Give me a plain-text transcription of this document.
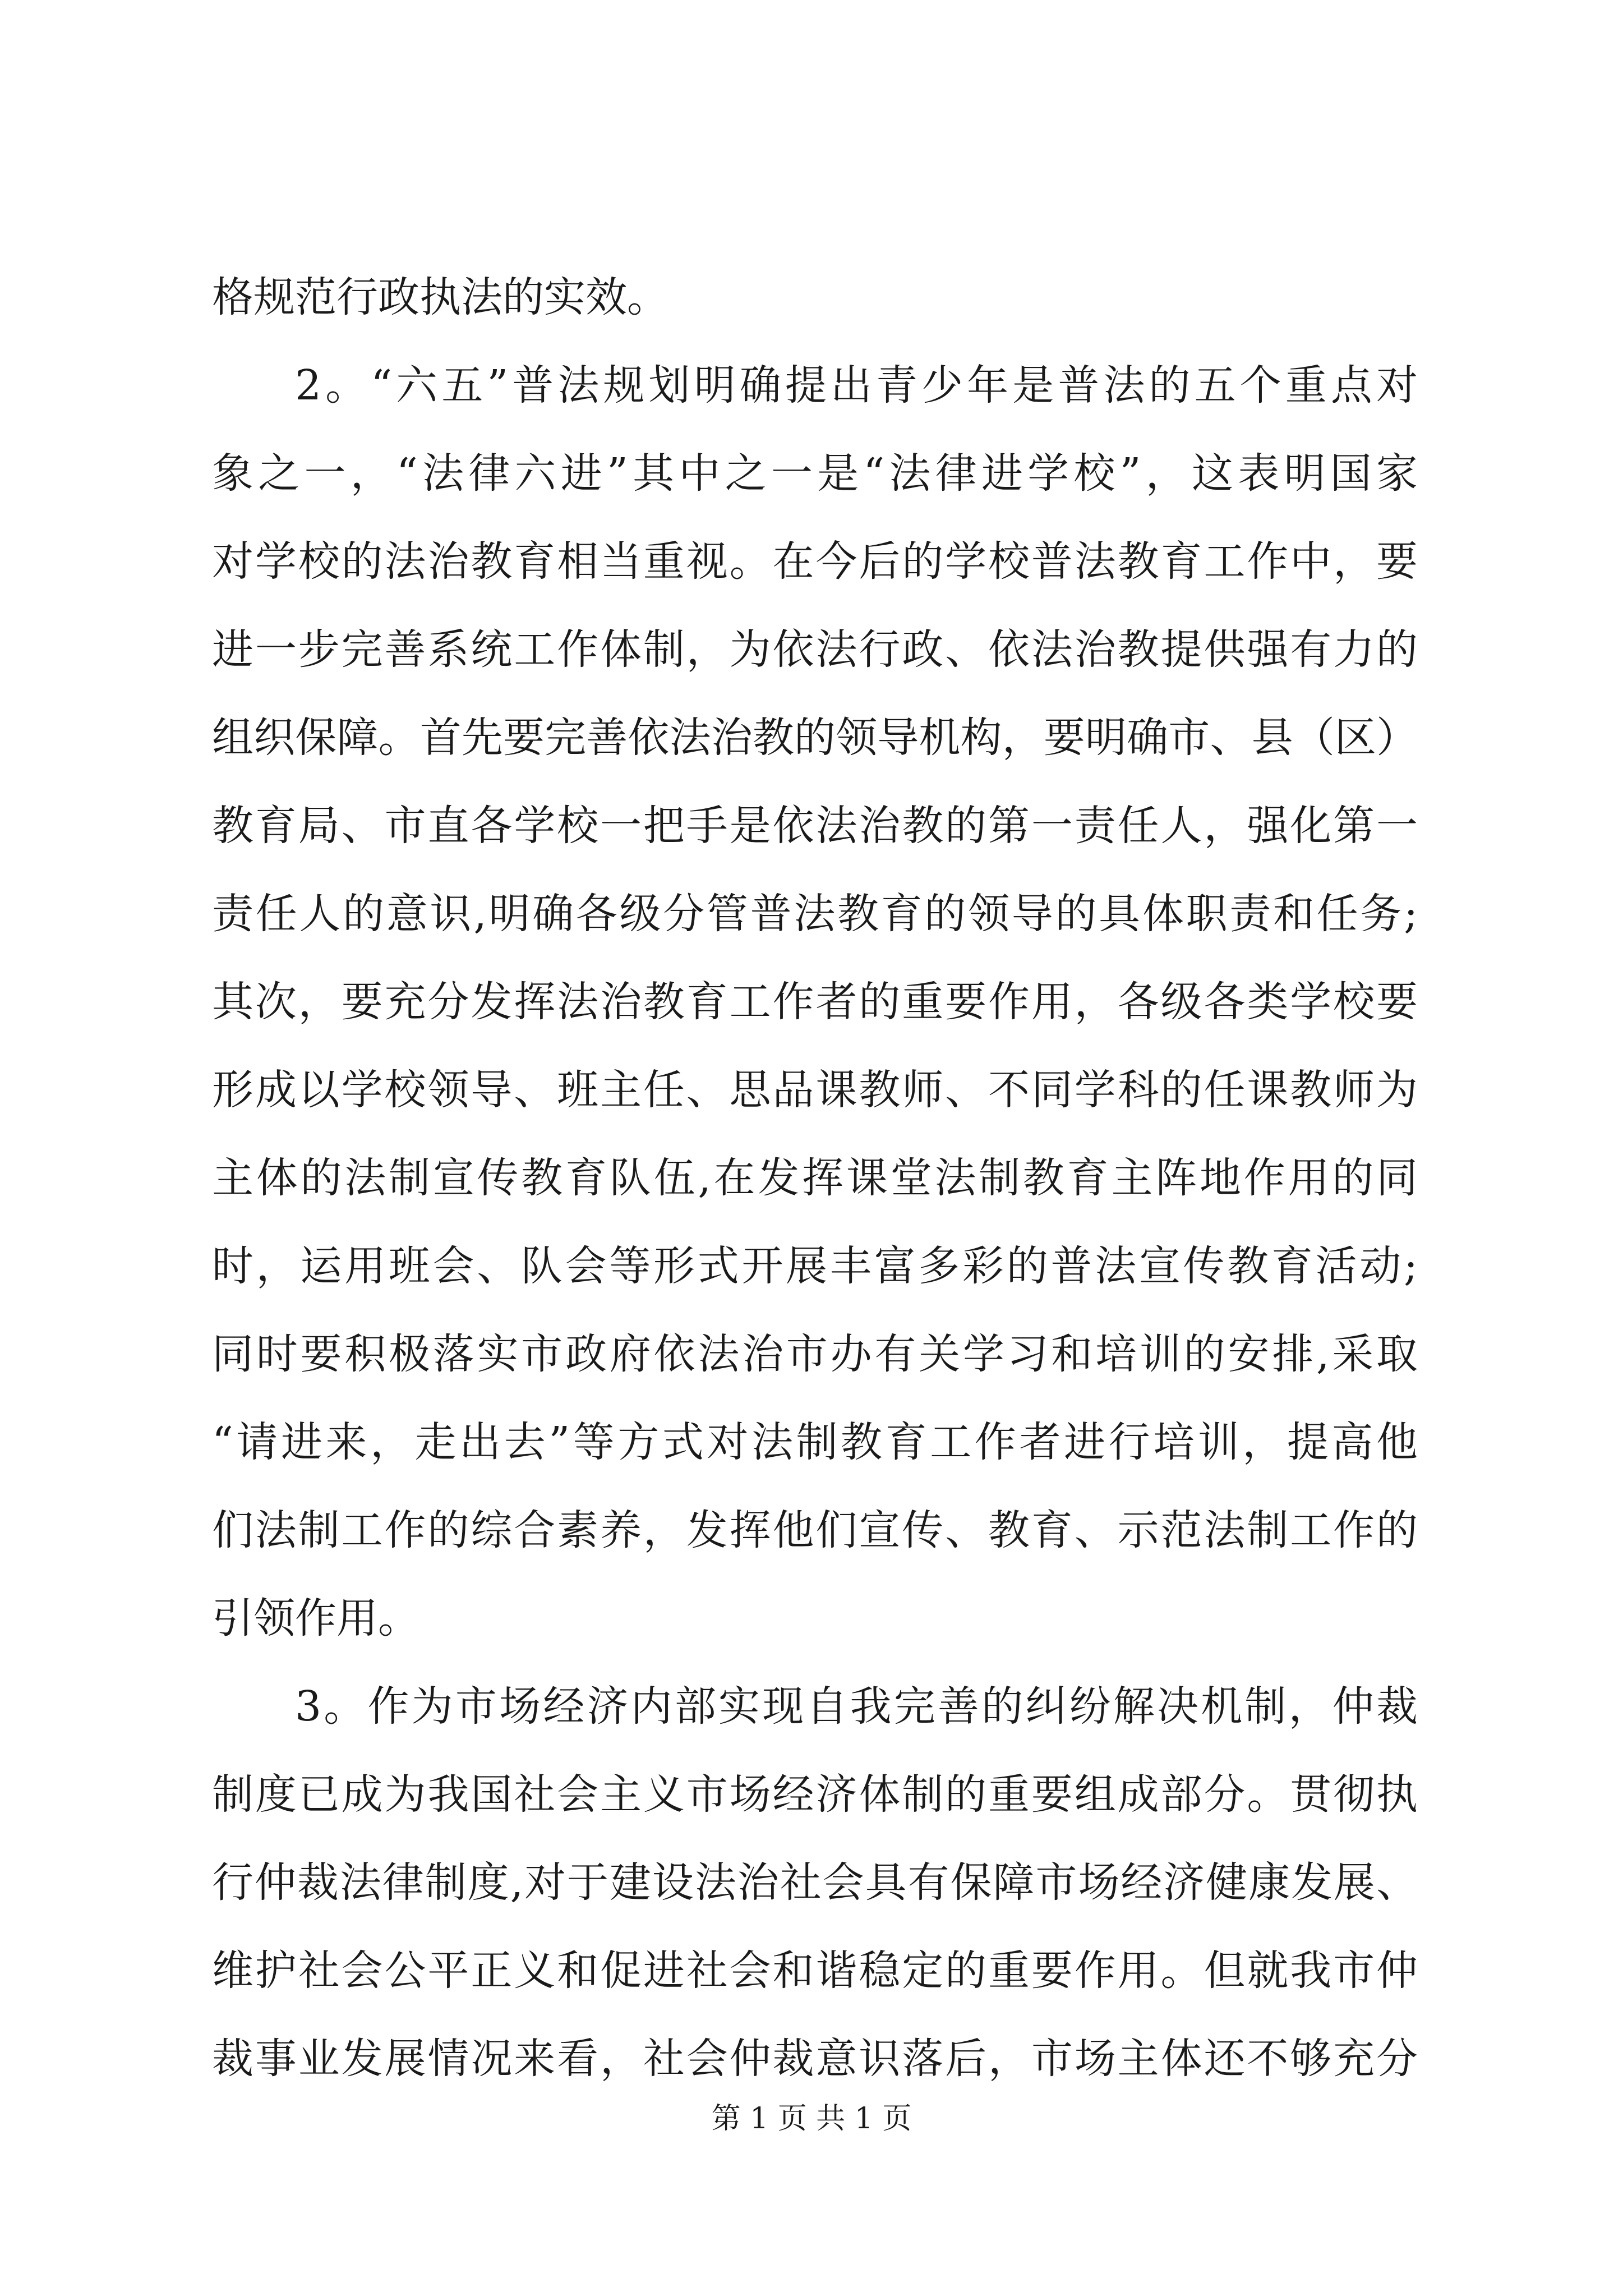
格规范行政执法的实效。
2。“六五”普法规划明确提出青少年是普法的五个重点对
象之一，“法律六进”其中之一是“法律进学校”，这表明国家
对学校的法治教育相当重视。在今后的学校普法教育工作中，要
进一步完善系统工作体制，为依法行政、依法治教提供强有力的
组织保障。首先要完善依法治教的领导机构，要明确市、县（区）
教育局、市直各学校一把手是依法治教的第一责任人，强化第一
责任人的意识,明确各级分管普法教育的领导的具体职责和任务;
其次，要充分发挥法治教育工作者的重要作用，各级各类学校要
形成以学校领导、班主任、思品课教师、不同学科的任课教师为
主体的法制宣传教育队伍,在发挥课堂法制教育主阵地作用的同
时，运用班会、队会等形式开展丰富多彩的普法宣传教育活动;
同时要积极落实市政府依法治市办有关学习和培训的安排,采取
“请进来，走出去”等方式对法制教育工作者进行培训，提高他
们法制工作的综合素养，发挥他们宣传、教育、示范法制工作的
引领作用。
3。作为市场经济内部实现自我完善的纠纷解决机制，仲裁
制度已成为我国社会主义市场经济体制的重要组成部分。贯彻执
行仲裁法律制度,对于建设法治社会具有保障市场经济健康发展、
维护社会公平正义和促进社会和谐稳定的重要作用。但就我市仲
裁事业发展情况来看，社会仲裁意识落后，市场主体还不够充分
第 1 页 共 1 页
